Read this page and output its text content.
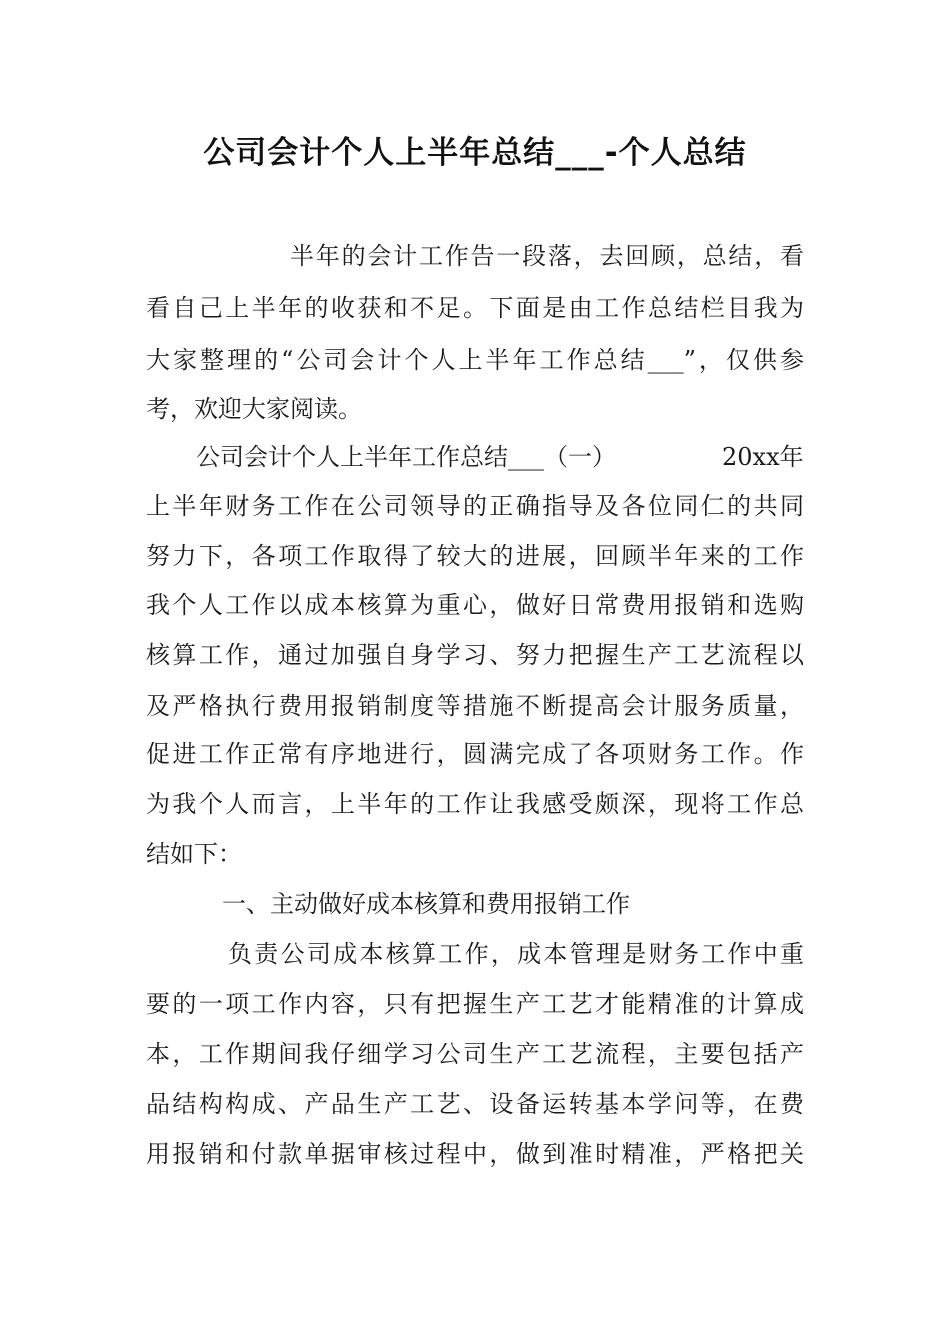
公司会计个人上半年总结___-个人总结
半年的会计工作告一段落，去回顾，总结，看
看自己上半年的收获和不足。下面是由工作总结栏目我为
大家整理的“公司会计个人上半年工作总结___”，仅供参
考，欢迎大家阅读。
公司会计个人上半年工作总结___（一）	20xx年
上半年财务工作在公司领导的正确指导及各位同仁的共同
努力下，各项工作取得了较大的进展，回顾半年来的工作
我个人工作以成本核算为重心，做好日常费用报销和选购
核算工作，通过加强自身学习、努力把握生产工艺流程以
及严格执行费用报销制度等措施不断提高会计服务质量，
促进工作正常有序地进行，圆满完成了各项财务工作。作
为我个人而言，上半年的工作让我感受颇深，现将工作总
结如下：
一、主动做好成本核算和费用报销工作
负责公司成本核算工作，成本管理是财务工作中重
要的一项工作内容，只有把握生产工艺才能精准的计算成
本，工作期间我仔细学习公司生产工艺流程，主要包括产
品结构构成、产品生产工艺、设备运转基本学问等，在费
用报销和付款单据审核过程中，做到准时精准，严格把关
